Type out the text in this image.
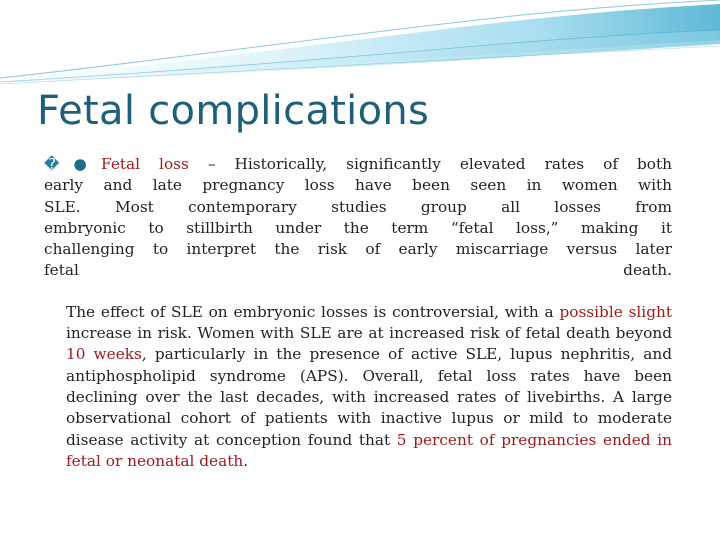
Fetal complications
�●Fetal loss – Historically, significantly elevated rates of both
early and late pregnancy loss have been seen in women with
SLE. Most contemporary studies group all losses from
embryonic to stillbirth under the term “fetal loss,” making it
challenging to interpret the risk of early miscarriage versus later
fetal	death.

The effect of SLE on embryonic losses is controversial, with a possible slight increase in risk. Women with SLE are at increased risk of fetal death beyond 10 weeks, particularly in the presence of active SLE, lupus nephritis, and antiphospholipid syndrome (APS). Overall, fetal loss rates have been declining over the last decades, with increased rates of livebirths. A large observational cohort of patients with inactive lupus or mild to moderate disease activity at conception found that 5 percent of pregnancies ended in fetal or neonatal death.
